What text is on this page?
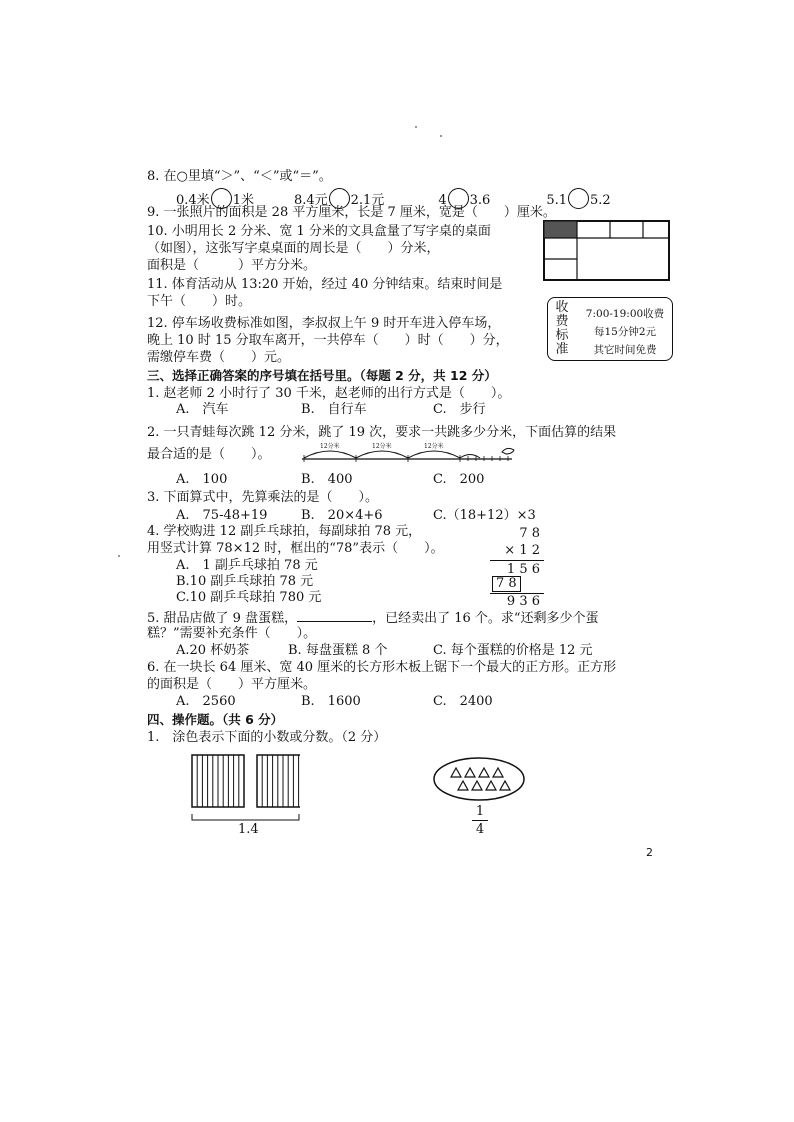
8. 在○里填“＞”、“＜”或“＝”。
0.4米 1米	8.4元 2.1元	4 3.6	5.1 5.2
9. 一张照片的面积是 28 平方厘米，长是 7 厘米，宽是（　　）厘米。
10. 小明用长 2 分米、宽 1 分米的文具盒量了写字桌的桌面
（如图），这张写字桌桌面的周长是（　　）分米，
面积是（　　　）平方分米。
11. 体育活动从 13:20 开始，经过 40 分钟结束。结束时间是
下午（　　）时。	收
费
标
准
7:00-19:00收费
每15分钟2元
其它时间免费
12. 停车场收费标准如图，李叔叔上午 9 时开车进入停车场，
晚上 10 时 15 分取车离开，一共停车（　　）时（　　）分，
需缴停车费（　　）元。
三、选择正确答案的序号填在括号里。（每题 2 分，共 12 分）
1. 赵老师 2 小时行了 30 千米，赵老师的出行方式是（　　）。
A.　汽车	B.　自行车	C.　步行
2. 一只青蛙每次跳 12 分米，跳了 19 次，要求一共跳多少分米，下面估算的结果
最合适的是（　　）。
12分米	12分米	12分米
A.　100	B.　400	C.　200
3. 下面算式中，先算乘法的是（　　）。
A.　75-48+19	B.　20×4+6	C.（18+12）×3
4. 学校购进 12 副乒乓球拍，每副球拍 78 元，
用竖式计算 78×12 时，框出的“78”表示（　　）。
A.　1 副乒乓球拍 78 元
B.10 副乒乓球拍 78 元
C.10 副乒乓球拍 780 元
7 8
× 1 2
1 5 6
7 8
9 3 6
5. 甜品店做了 9 盘蛋糕，	，已经卖出了 16 个。求“还剩多少个蛋
糕？”需要补充条件（　　）。
A.20 杯奶茶	B. 每盘蛋糕 8 个	C. 每个蛋糕的价格是 12 元
6. 在一块长 64 厘米、宽 40 厘米的长方形木板上锯下一个最大的正方形。正方形
的面积是（　　）平方厘米。
A.　2560	B.　1600	C.　2400
四、操作题。（共 6 分）
1.　涂色表示下面的小数或分数。（2 分）
1.4
1
4
2
